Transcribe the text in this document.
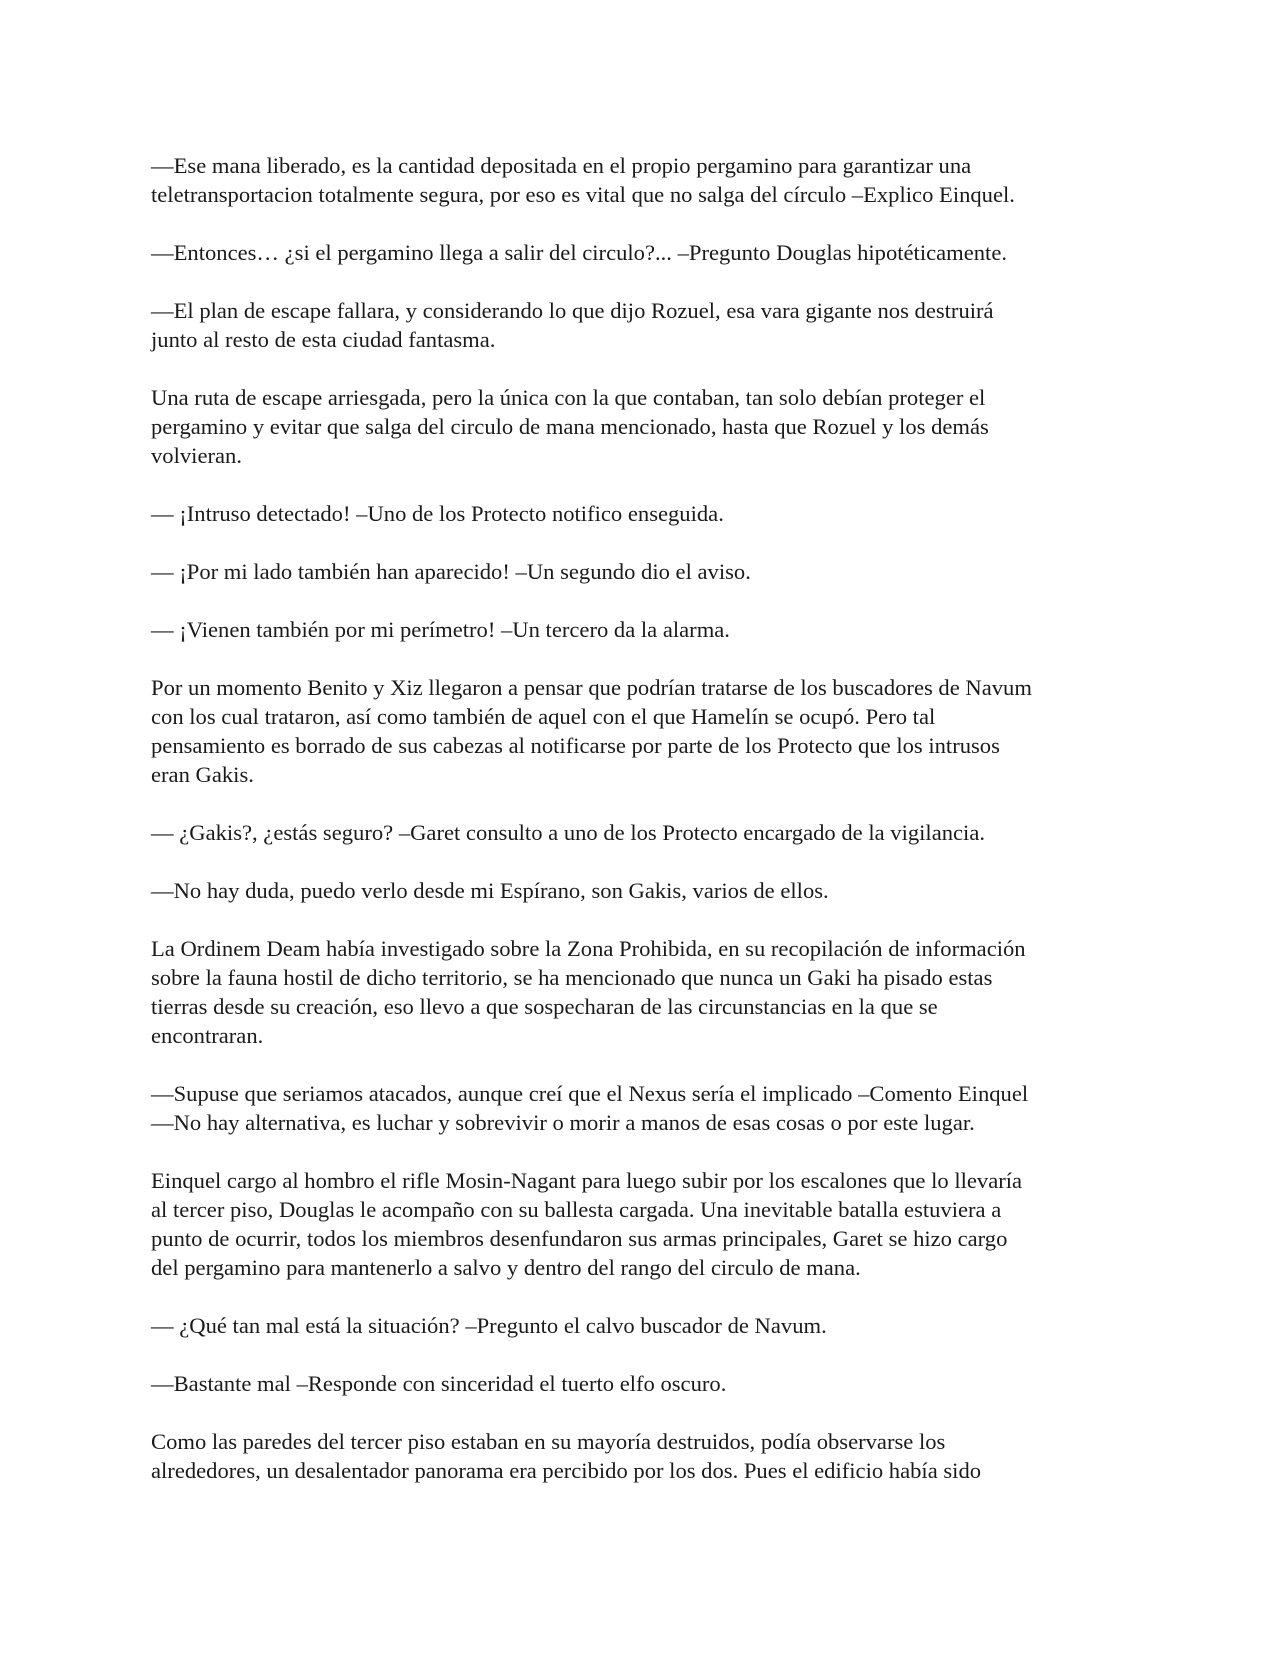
—Ese mana liberado, es la cantidad depositada en el propio pergamino para garantizar una
teletransportacion totalmente segura, por eso es vital que no salga del círculo –Explico Einquel.

—Entonces… ¿si el pergamino llega a salir del circulo?... –Pregunto Douglas hipotéticamente.

—El plan de escape fallara, y considerando lo que dijo Rozuel, esa vara gigante nos destruirá
junto al resto de esta ciudad fantasma.

Una ruta de escape arriesgada, pero la única con la que contaban, tan solo debían proteger el
pergamino y evitar que salga del circulo de mana mencionado, hasta que Rozuel y los demás
volvieran.

— ¡Intruso detectado! –Uno de los Protecto notifico enseguida.

— ¡Por mi lado también han aparecido! –Un segundo dio el aviso.

— ¡Vienen también por mi perímetro! –Un tercero da la alarma.

Por un momento Benito y Xiz llegaron a pensar que podrían tratarse de los buscadores de Navum
con los cual trataron, así como también de aquel con el que Hamelín se ocupó. Pero tal
pensamiento es borrado de sus cabezas al notificarse por parte de los Protecto que los intrusos
eran Gakis.

— ¿Gakis?, ¿estás seguro? –Garet consulto a uno de los Protecto encargado de la vigilancia.

—No hay duda, puedo verlo desde mi Espírano, son Gakis, varios de ellos.

La Ordinem Deam había investigado sobre la Zona Prohibida, en su recopilación de información
sobre la fauna hostil de dicho territorio, se ha mencionado que nunca un Gaki ha pisado estas
tierras desde su creación, eso llevo a que sospecharan de las circunstancias en la que se
encontraran.

—Supuse que seriamos atacados, aunque creí que el Nexus sería el implicado –Comento Einquel
—No hay alternativa, es luchar y sobrevivir o morir a manos de esas cosas o por este lugar.

Einquel cargo al hombro el rifle Mosin-Nagant para luego subir por los escalones que lo llevaría
al tercer piso, Douglas le acompaño con su ballesta cargada. Una inevitable batalla estuviera a
punto de ocurrir, todos los miembros desenfundaron sus armas principales, Garet se hizo cargo
del pergamino para mantenerlo a salvo y dentro del rango del circulo de mana.

— ¿Qué tan mal está la situación? –Pregunto el calvo buscador de Navum.

—Bastante mal –Responde con sinceridad el tuerto elfo oscuro.

Como las paredes del tercer piso estaban en su mayoría destruidos, podía observarse los
alrededores, un desalentador panorama era percibido por los dos. Pues el edificio había sido
